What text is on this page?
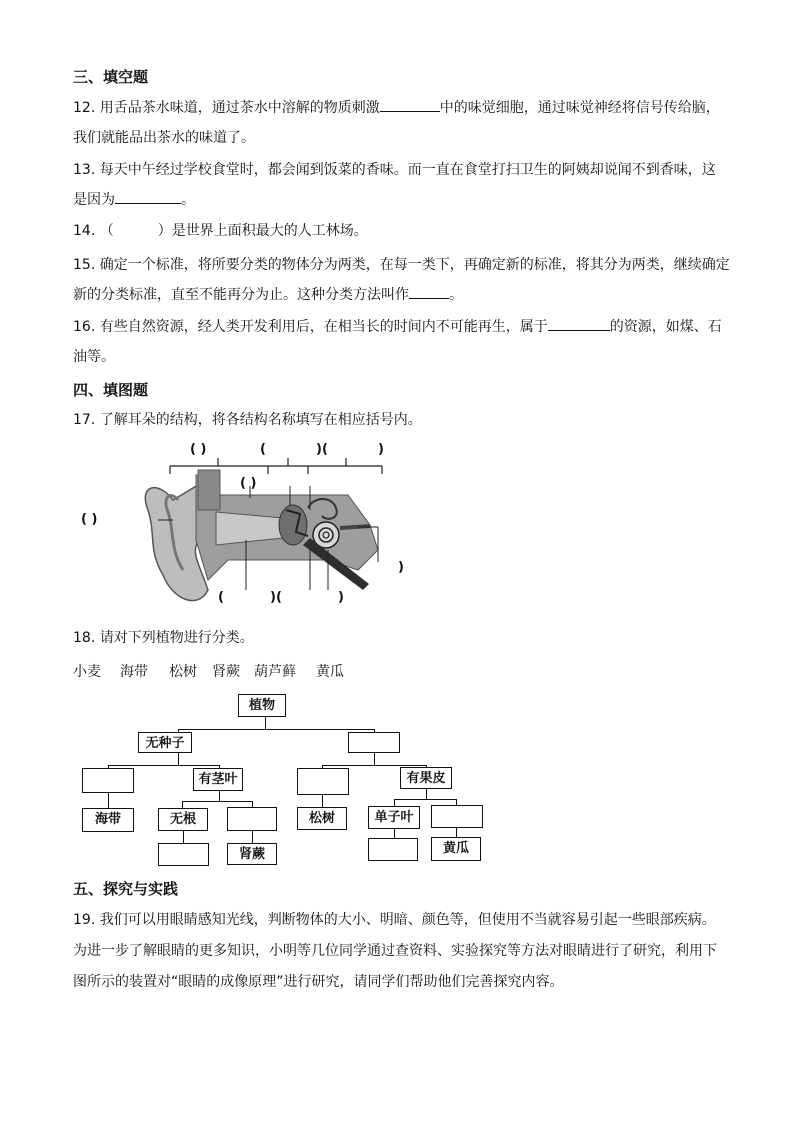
三、填空题
12. 用舌品茶水味道，通过茶水中溶解的物质刺激	中的味觉细胞，通过味觉神经将信号传给脑，
我们就能品出茶水的味道了。
13. 每天中午经过学校食堂时，都会闻到饭菜的香味。而一直在食堂打扫卫生的阿姨却说闻不到香味，这
是因为	。
14. （	）是世界上面积最大的人工林场。
15. 确定一个标准，将所要分类的物体分为两类，在每一类下，再确定新的标准，将其分为两类，继续确定
新的分类标准，直至不能再分为止。这种分类方法叫作	。
16. 有些自然资源，经人类开发利用后，在相当长的时间内不可能再生，属于	的资源，如煤、石
油等。
四、填图题
17. 了解耳朵的结构，将各结构名称填写在相应括号内。
( )	(	)(	)
( )
( )
)
(	)(	)
18. 请对下列植物进行分类。
小麦 海带 松树 肾蕨 葫芦藓 黄瓜
植物
无种子
有茎叶	有果皮
海带	无根	松树	单子叶
肾蕨	黄瓜
五、探究与实践
19. 我们可以用眼睛感知光线，判断物体的大小、明暗、颜色等，但使用不当就容易引起一些眼部疾病。
为进一步了解眼睛的更多知识，小明等几位同学通过查资料、实验探究等方法对眼睛进行了研究，利用下
图所示的装置对“眼睛的成像原理”进行研究，请同学们帮助他们完善探究内容。
